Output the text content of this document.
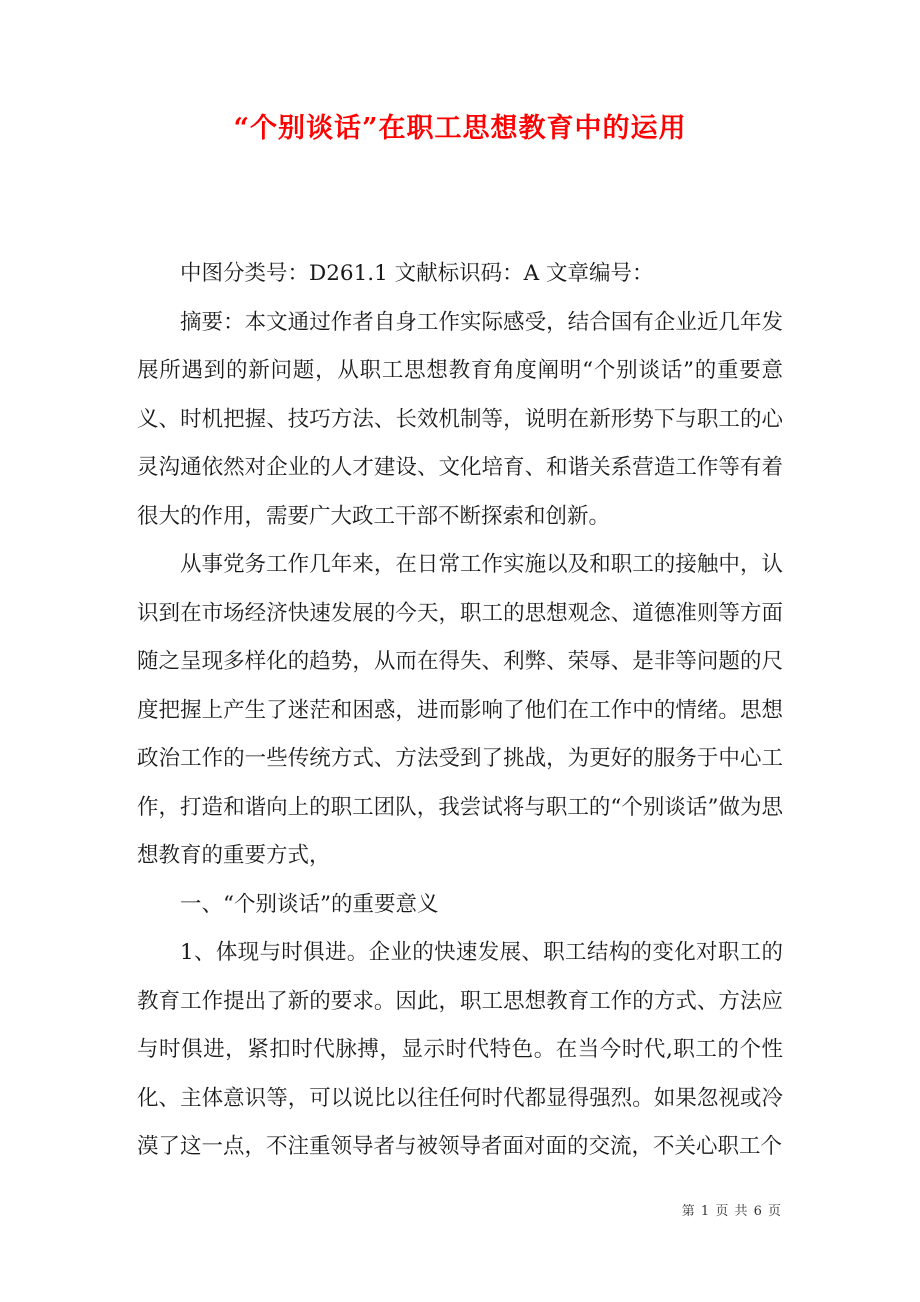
“个别谈话”在职工思想教育中的运用

中图分类号：D261.1 文献标识码：A 文章编号：

摘要：本文通过作者自身工作实际感受，结合国有企业近几年发展所遇到的新问题，从职工思想教育角度阐明“个别谈话”的重要意义、时机把握、技巧方法、长效机制等，说明在新形势下与职工的心灵沟通依然对企业的人才建设、文化培育、和谐关系营造工作等有着很大的作用，需要广大政工干部不断探索和创新。

从事党务工作几年来，在日常工作实施以及和职工的接触中，认识到在市场经济快速发展的今天，职工的思想观念、道德准则等方面随之呈现多样化的趋势，从而在得失、利弊、荣辱、是非等问题的尺度把握上产生了迷茫和困惑，进而影响了他们在工作中的情绪。思想政治工作的一些传统方式、方法受到了挑战，为更好的服务于中心工作，打造和谐向上的职工团队，我尝试将与职工的“个别谈话”做为思想教育的重要方式，

一、“个别谈话”的重要意义

1、体现与时俱进。企业的快速发展、职工结构的变化对职工的教育工作提出了新的要求。因此，职工思想教育工作的方式、方法应与时俱进，紧扣时代脉搏，显示时代特色。在当今时代,职工的个性化、主体意识等，可以说比以往任何时代都显得强烈。如果忽视或冷漠了这一点，不注重领导者与被领导者面对面的交流，不关心职工个

第 1 页 共 6 页
